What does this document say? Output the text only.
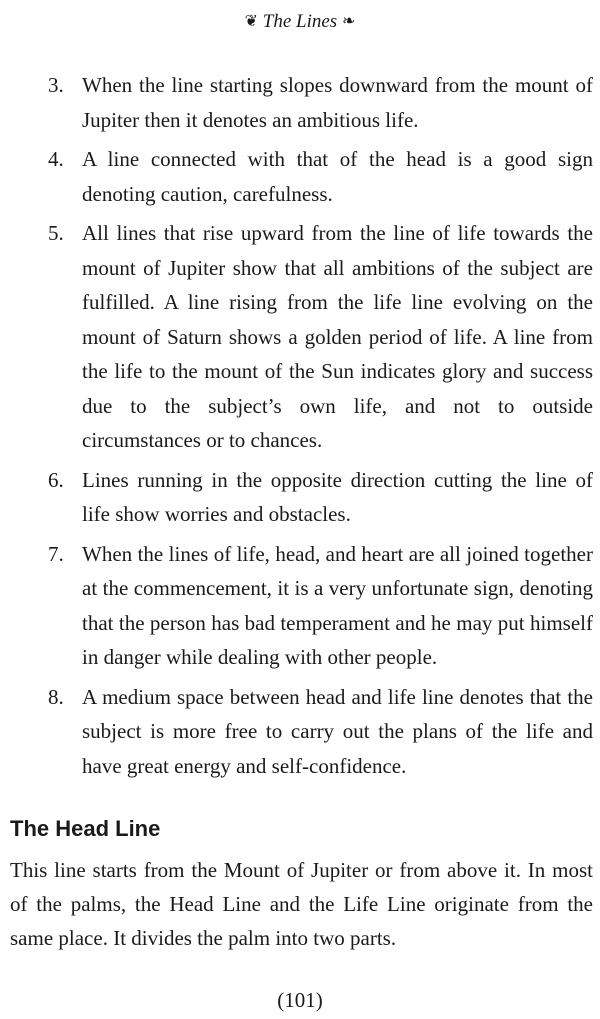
❦ The Lines ❧
3. When the line starting slopes downward from the mount of Jupiter then it denotes an ambitious life.
4. A line connected with that of the head is a good sign denoting caution, carefulness.
5. All lines that rise upward from the line of life towards the mount of Jupiter show that all ambitions of the subject are fulfilled. A line rising from the life line evolving on the mount of Saturn shows a golden period of life. A line from the life to the mount of the Sun indicates glory and success due to the subject’s own life, and not to outside circumstances or to chances.
6. Lines running in the opposite direction cutting the line of life show worries and obstacles.
7. When the lines of life, head, and heart are all joined together at the commencement, it is a very unfortunate sign, denoting that the person has bad temperament and he may put himself in danger while dealing with other people.
8. A medium space between head and life line denotes that the subject is more free to carry out the plans of the life and have great energy and self-confidence.
The Head Line

This line starts from the Mount of Jupiter or from above it. In most of the palms, the Head Line and the Life Line originate from the same place. It divides the palm into two parts.

(101)
